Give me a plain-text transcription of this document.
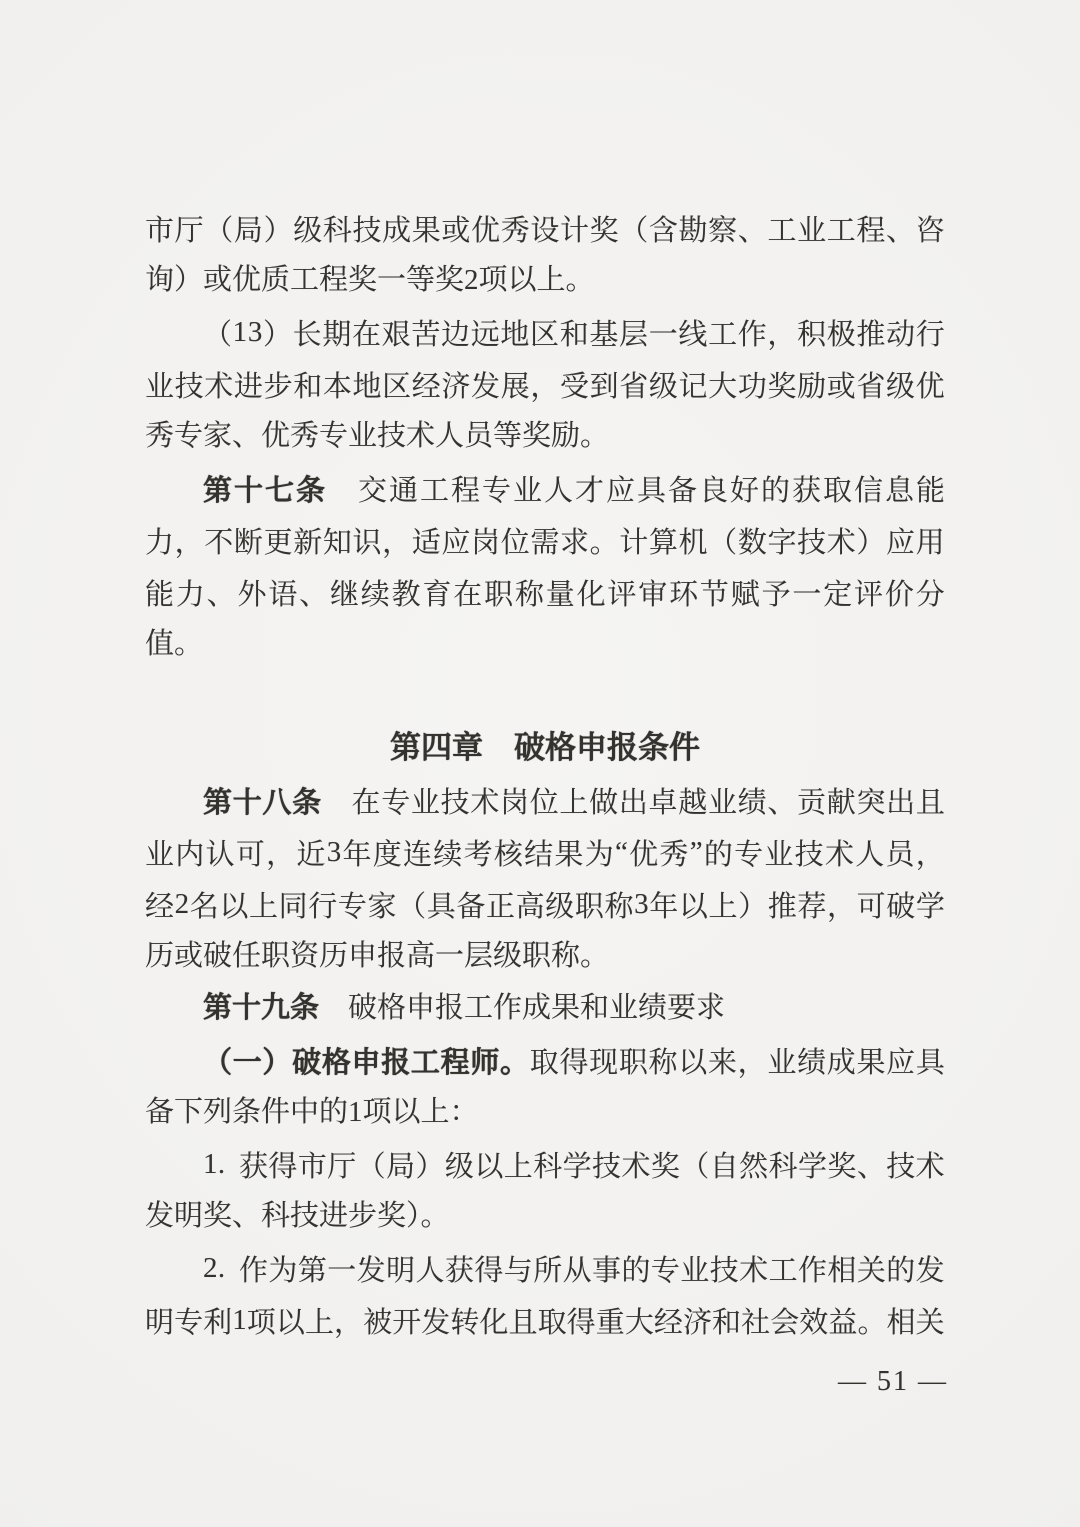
市 厅 （ 局 ） 级 科 技 成 果 或 优 秀 设 计 奖 （ 含 勘 察 、 工 业 工 程 、 咨
询）或优质工程奖一等奖2项以上。
（ 1 3 ） 长 期 在 艰 苦 边 远 地 区 和 基 层 一 线 工 作 ， 积 极 推 动 行
业 技 术 进 步 和 本 地 区 经 济 发 展 ， 受 到 省 级 记 大 功 奖 励 或 省 级 优
秀专家、优秀专业技术人员等奖励。
第 十 七 条
交 通 工 程 专 业 人 才 应 具 备 良 好 的 获 取 信 息 能
力 ， 不 断 更 新 知 识 ， 适 应 岗 位 需 求 。 计 算 机 （ 数 字 技 术 ） 应 用
能 力 、 外 语 、 继 续 教 育 在 职 称 量 化 评 审 环 节 赋 予 一 定 评 价 分
值。
第四章　破格申报条件
第 十 八 条
在 专 业 技 术 岗 位 上 做 出 卓 越 业 绩 、 贡 献 突 出 且
业 内 认 可 ， 近 3 年 度 连 续 考 核 结 果 为 “ 优 秀 ” 的 专 业 技 术 人 员 ，
经 2 名 以 上 同 行 专 家 （ 具 备 正 高 级 职 称 3 年 以 上 ） 推 荐 ， 可 破 学
历或破任职资历申报高一层级职称。
第十九条　破格申报工作成果和业绩要求
（ 一 ） 破 格 申 报 工 程 师 。 取 得 现 职 称 以 来 ， 业 绩 成 果 应 具
备下列条件中的1项以上：
1 .
获 得 市 厅 （ 局 ） 级 以 上 科 学 技 术 奖 （ 自 然 科 学 奖 、 技 术
发明奖、科技进步奖）。
2 .
作 为 第 一 发 明 人 获 得 与 所 从 事 的 专 业 技 术 工 作 相 关 的 发
明 专 利 1 项 以 上 ， 被 开 发 转 化 且 取 得 重 大 经 济 和 社 会 效 益 。 相 关
— 51 —
